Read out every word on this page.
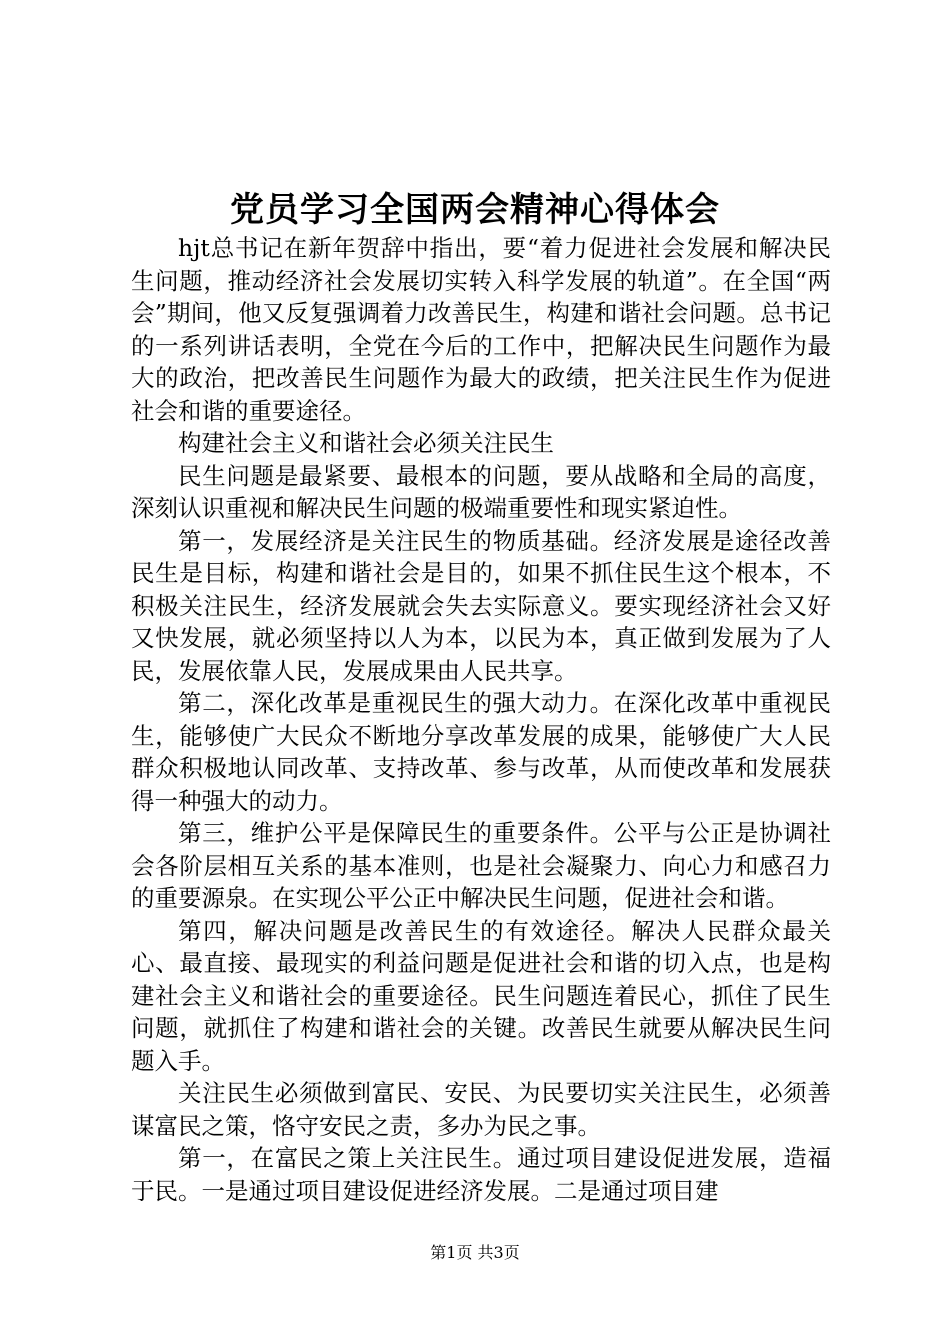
党员学习全国两会精神心得体会

hjt总书记在新年贺辞中指出，要“着力促进社会发展和解决民生问题，推动经济社会发展切实转入科学发展的轨道”。在全国“两会”期间，他又反复强调着力改善民生，构建和谐社会问题。总书记的一系列讲话表明，全党在今后的工作中，把解决民生问题作为最大的政治，把改善民生问题作为最大的政绩，把关注民生作为促进社会和谐的重要途径。

构建社会主义和谐社会必须关注民生

民生问题是最紧要、最根本的问题，要从战略和全局的高度，深刻认识重视和解决民生问题的极端重要性和现实紧迫性。

第一，发展经济是关注民生的物质基础。经济发展是途径改善民生是目标，构建和谐社会是目的，如果不抓住民生这个根本，不积极关注民生，经济发展就会失去实际意义。要实现经济社会又好又快发展，就必须坚持以人为本，以民为本，真正做到发展为了人民，发展依靠人民，发展成果由人民共享。

第二，深化改革是重视民生的强大动力。在深化改革中重视民生，能够使广大民众不断地分享改革发展的成果，能够使广大人民群众积极地认同改革、支持改革、参与改革，从而使改革和发展获得一种强大的动力。

第三，维护公平是保障民生的重要条件。公平与公正是协调社会各阶层相互关系的基本准则，也是社会凝聚力、向心力和感召力的重要源泉。在实现公平公正中解决民生问题，促进社会和谐。

第四，解决问题是改善民生的有效途径。解决人民群众最关心、最直接、最现实的利益问题是促进社会和谐的切入点，也是构建社会主义和谐社会的重要途径。民生问题连着民心，抓住了民生问题，就抓住了构建和谐社会的关键。改善民生就要从解决民生问题入手。

关注民生必须做到富民、安民、为民要切实关注民生，必须善谋富民之策，恪守安民之责，多办为民之事。

第一，在富民之策上关注民生。通过项目建设促进发展，造福于民。一是通过项目建设促进经济发展。二是通过项目建

第1页 共3页
